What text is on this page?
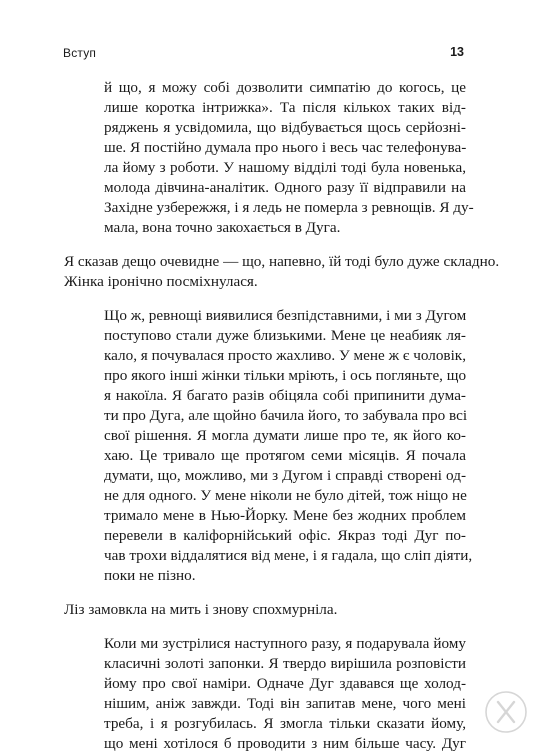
Вступ	13
й що, я можу собі дозволити симпатію до когось, це
лише коротка інтрижка». Та після кількох таких від-
ряджень я усвідомила, що відбувається щось серйозні-
ше. Я постійно думала про нього і весь час телефонува-
ла йому з роботи. У нашому відділі тоді була новенька,
молода дівчина-аналітик. Одного разу її відправили на
Західне узбережжя, і я ледь не померла з ревнощів. Я ду-
мала, вона точно закохається в Дуга.
Я сказав дещо очевидне — що, напевно, їй тоді було дуже складно.
Жінка іронічно посміхнулася.
Що ж, ревнощі виявилися безпідставними, і ми з Дугом
поступово стали дуже близькими. Мене це неабияк ля-
кало, я почувалася просто жахливо. У мене ж є чоловік,
про якого інші жінки тільки мріють, і ось погляньте, що
я накоїла. Я багато разів обіцяла собі припинити дума-
ти про Дуга, але щойно бачила його, то забувала про всі
свої рішення. Я могла думати лише про те, як його ко-
хаю. Це тривало ще протягом семи місяців. Я почала
думати, що, можливо, ми з Дугом і справді створені од-
не для одного. У мене ніколи не було дітей, тож ніщо не
тримало мене в Нью-Йорку. Мене без жодних проблем
перевели в каліфорнійський офіс. Якраз тоді Дуг по-
чав трохи віддалятися від мене, і я гадала, що сліп діяти,
поки не пізно.
Ліз замовкла на мить і знову спохмурніла.
Коли ми зустрілися наступного разу, я подарувала йому
класичні золоті запонки. Я твердо вирішила розповісти
йому про свої наміри. Одначе Дуг здавався ще холод-
нішим, аніж завжди. Тоді він запитав мене, чого мені
треба, і я розгубилась. Я змогла тільки сказати йому,
що мені хотілося б проводити з ним більше часу. Дуг
